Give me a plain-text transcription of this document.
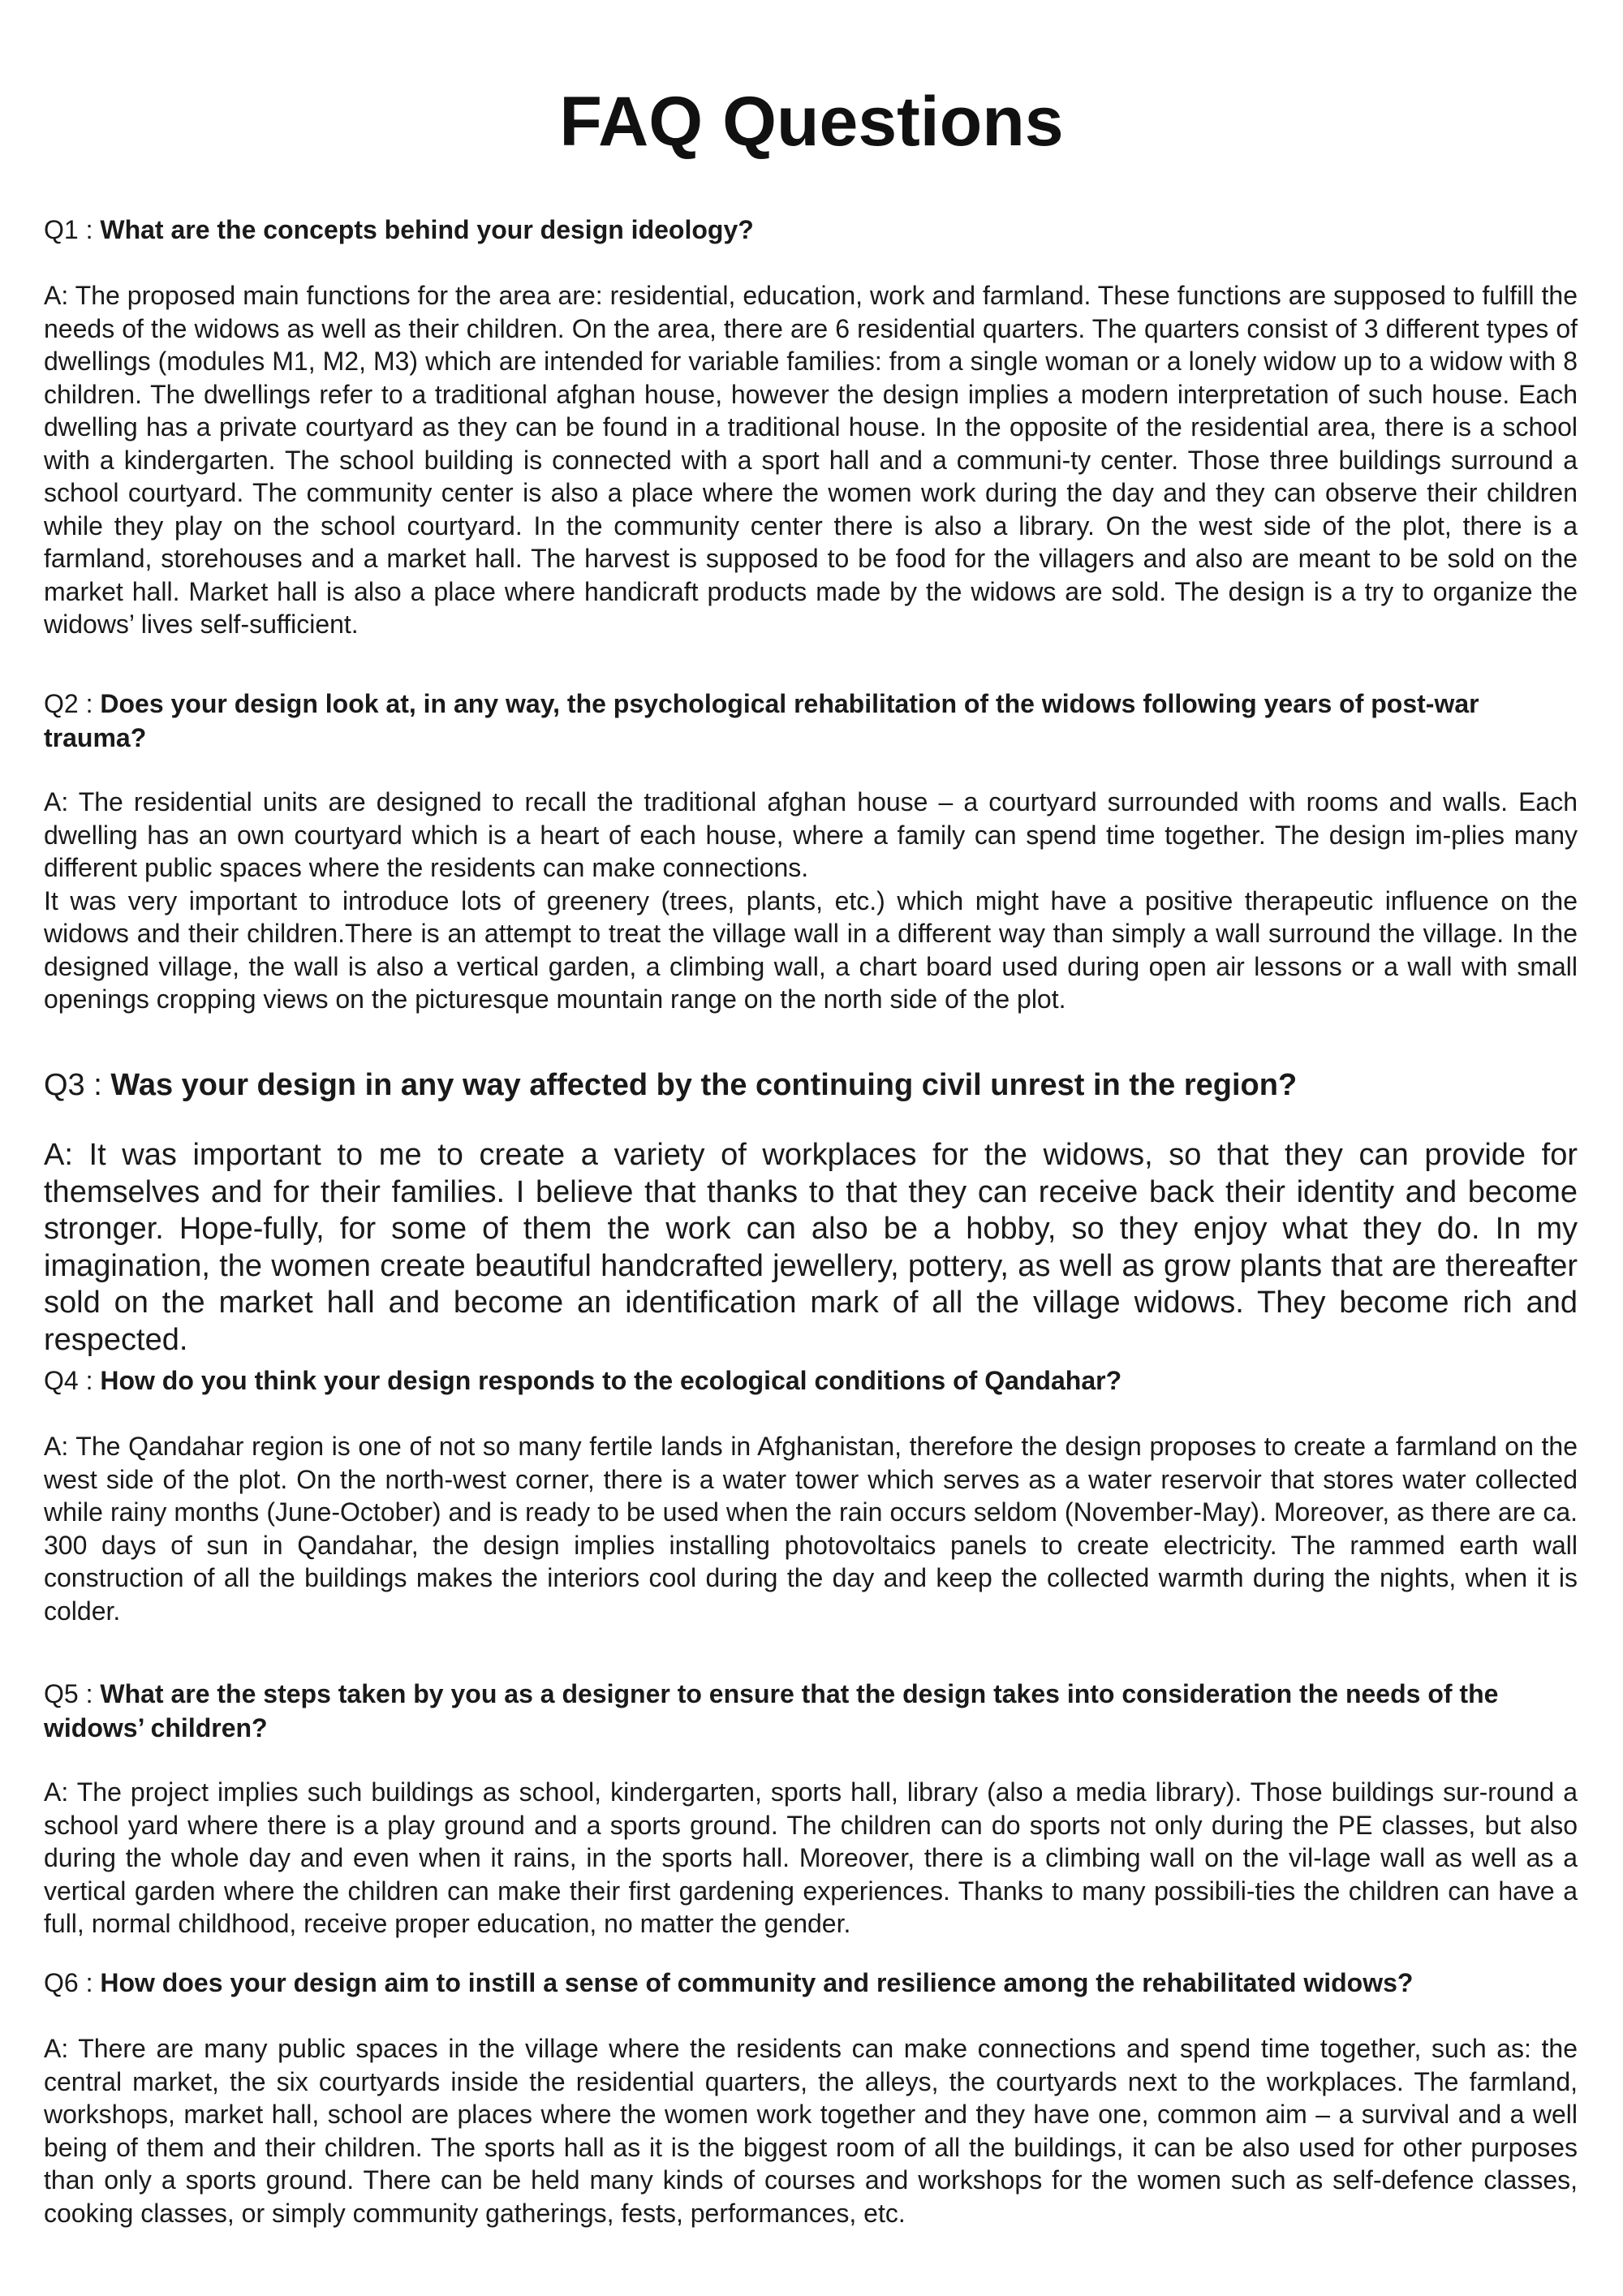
FAQ Questions

Q1 : What are the concepts behind your design ideology?

A: The proposed main functions for the area are: residential, education, work and farmland. These functions are supposed to fulfill the needs of the widows as well as their children. On the area, there are 6 residential quarters. The quarters consist of 3 different types of dwellings (modules M1, M2, M3) which are intended for variable families: from a single woman or a lonely widow up to a widow with 8 children. The dwellings refer to a traditional afghan house, however the design implies a modern interpretation of such house. Each dwelling has a private courtyard as they can be found in a traditional house. In the opposite of the residential area, there is a school with a kindergarten. The school building is connected with a sport hall and a communi-ty center. Those three buildings surround a school courtyard. The community center is also a place where the women work during the day and they can observe their children while they play on the school courtyard. In the community center there is also a library. On the west side of the plot, there is a farmland, storehouses and a market hall. The harvest is supposed to be food for the villagers and also are meant to be sold on the market hall. Market hall is also a place where handicraft products made by the widows are sold. The design is a try to organize the widows’ lives self-sufficient.

Q2 : Does your design look at, in any way, the psychological rehabilitation of the widows following years of post-war trauma?

A: The residential units are designed to recall the traditional afghan house – a courtyard surrounded with rooms and walls. Each dwelling has an own courtyard which is a heart of each house, where a family can spend time together. The design im-plies many different public spaces where the residents can make connections.

It was very important to introduce lots of greenery (trees, plants, etc.) which might have a positive therapeutic influence on the widows and their children.There is an attempt to treat the village wall in a different way than simply a wall surround the village. In the designed village, the wall is also a vertical garden, a climbing wall, a chart board used during open air lessons or a wall with small openings cropping views on the picturesque mountain range on the north side of the plot.

Q3 : Was your design in any way affected by the continuing civil unrest in the region?

A: It was important to me to create a variety of workplaces for the widows, so that they can provide for themselves and for their families. I believe that thanks to that they can receive back their identity and become stronger. Hope-fully, for some of them the work can also be a hobby, so they enjoy what they do. In my imagination, the women create beautiful handcrafted jewellery, pottery, as well as grow plants that are thereafter sold on the market hall and become an identification mark of all the village widows. They become rich and respected.

Q4 : How do you think your design responds to the ecological conditions of Qandahar?

A: The Qandahar region is one of not so many fertile lands in Afghanistan, therefore the design proposes to create a farmland on the west side of the plot. On the north-west corner, there is a water tower which serves as a water reservoir that stores water collected while rainy months (June-October) and is ready to be used when the rain occurs seldom (November-May). Moreover, as there are ca. 300 days of sun in Qandahar, the design implies installing photovoltaics panels to create electricity. The rammed earth wall construction of all the buildings makes the interiors cool during the day and keep the collected warmth during the nights, when it is colder.

Q5 : What are the steps taken by you as a designer to ensure that the design takes into consideration the needs of the widows’ children?

A: The project implies such buildings as school, kindergarten, sports hall, library (also a media library). Those buildings sur-round a school yard where there is a play ground and a sports ground. The children can do sports not only during the PE classes, but also during the whole day and even when it rains, in the sports hall. Moreover, there is a climbing wall on the vil-lage wall as well as a vertical garden where the children can make their first gardening experiences. Thanks to many possibili-ties the children can have a full, normal childhood, receive proper education, no matter the gender.

Q6 : How does your design aim to instill a sense of community and resilience among the rehabilitated widows?

A: There are many public spaces in the village where the residents can make connections and spend time together, such as: the central market, the six courtyards inside the residential quarters, the alleys, the courtyards next to the workplaces. The farmland, workshops, market hall, school are places where the women work together and they have one, common aim – a survival and a well being of them and their children. The sports hall as it is the biggest room of all the buildings, it can be also used for other purposes than only a sports ground. There can be held many kinds of courses and workshops for the women such as self-defence classes, cooking classes, or simply community gatherings, fests, performances, etc.
